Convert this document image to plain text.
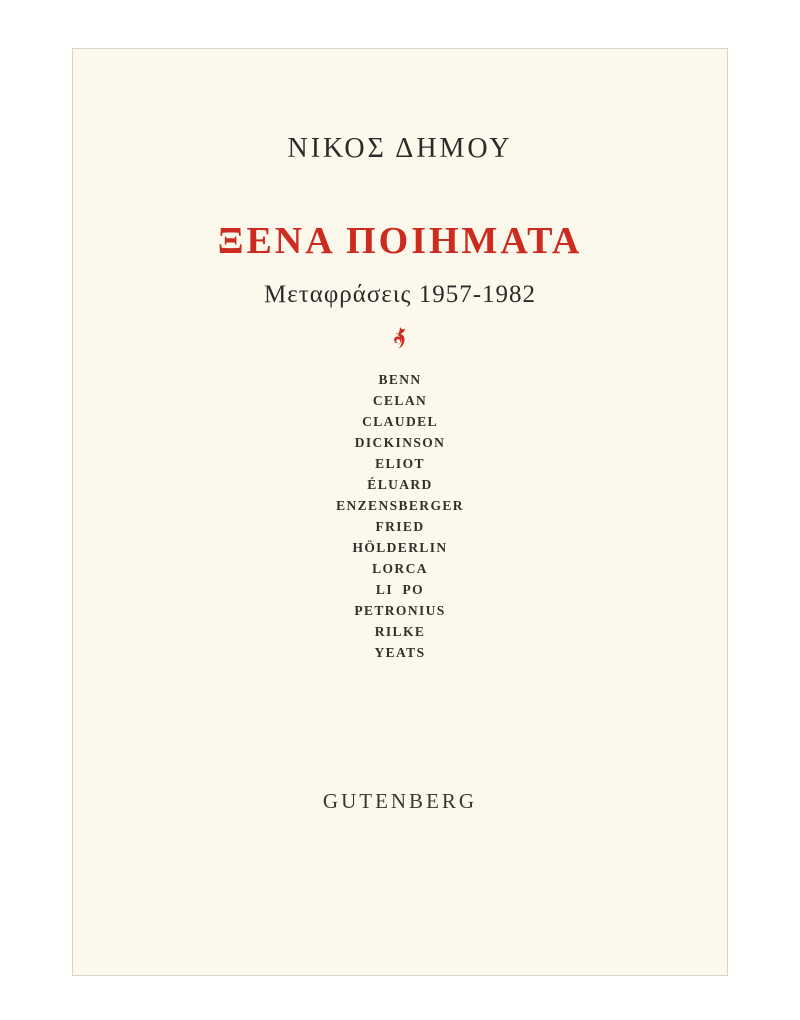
ΝΙΚΟΣ ΔΗΜΟΥ
ΞΕΝΑ ΠΟΙΗΜΑΤΑ
Μεταφράσεις 1957-1982
BENN
CELAN
CLAUDEL
DICKINSON
ELIOT
ÉLUARD
ENZENSBERGER
FRIED
HÖLDERLIN
LORCA
LI  PO
PETRONIUS
RILKE
YEATS
GUTENBERG
